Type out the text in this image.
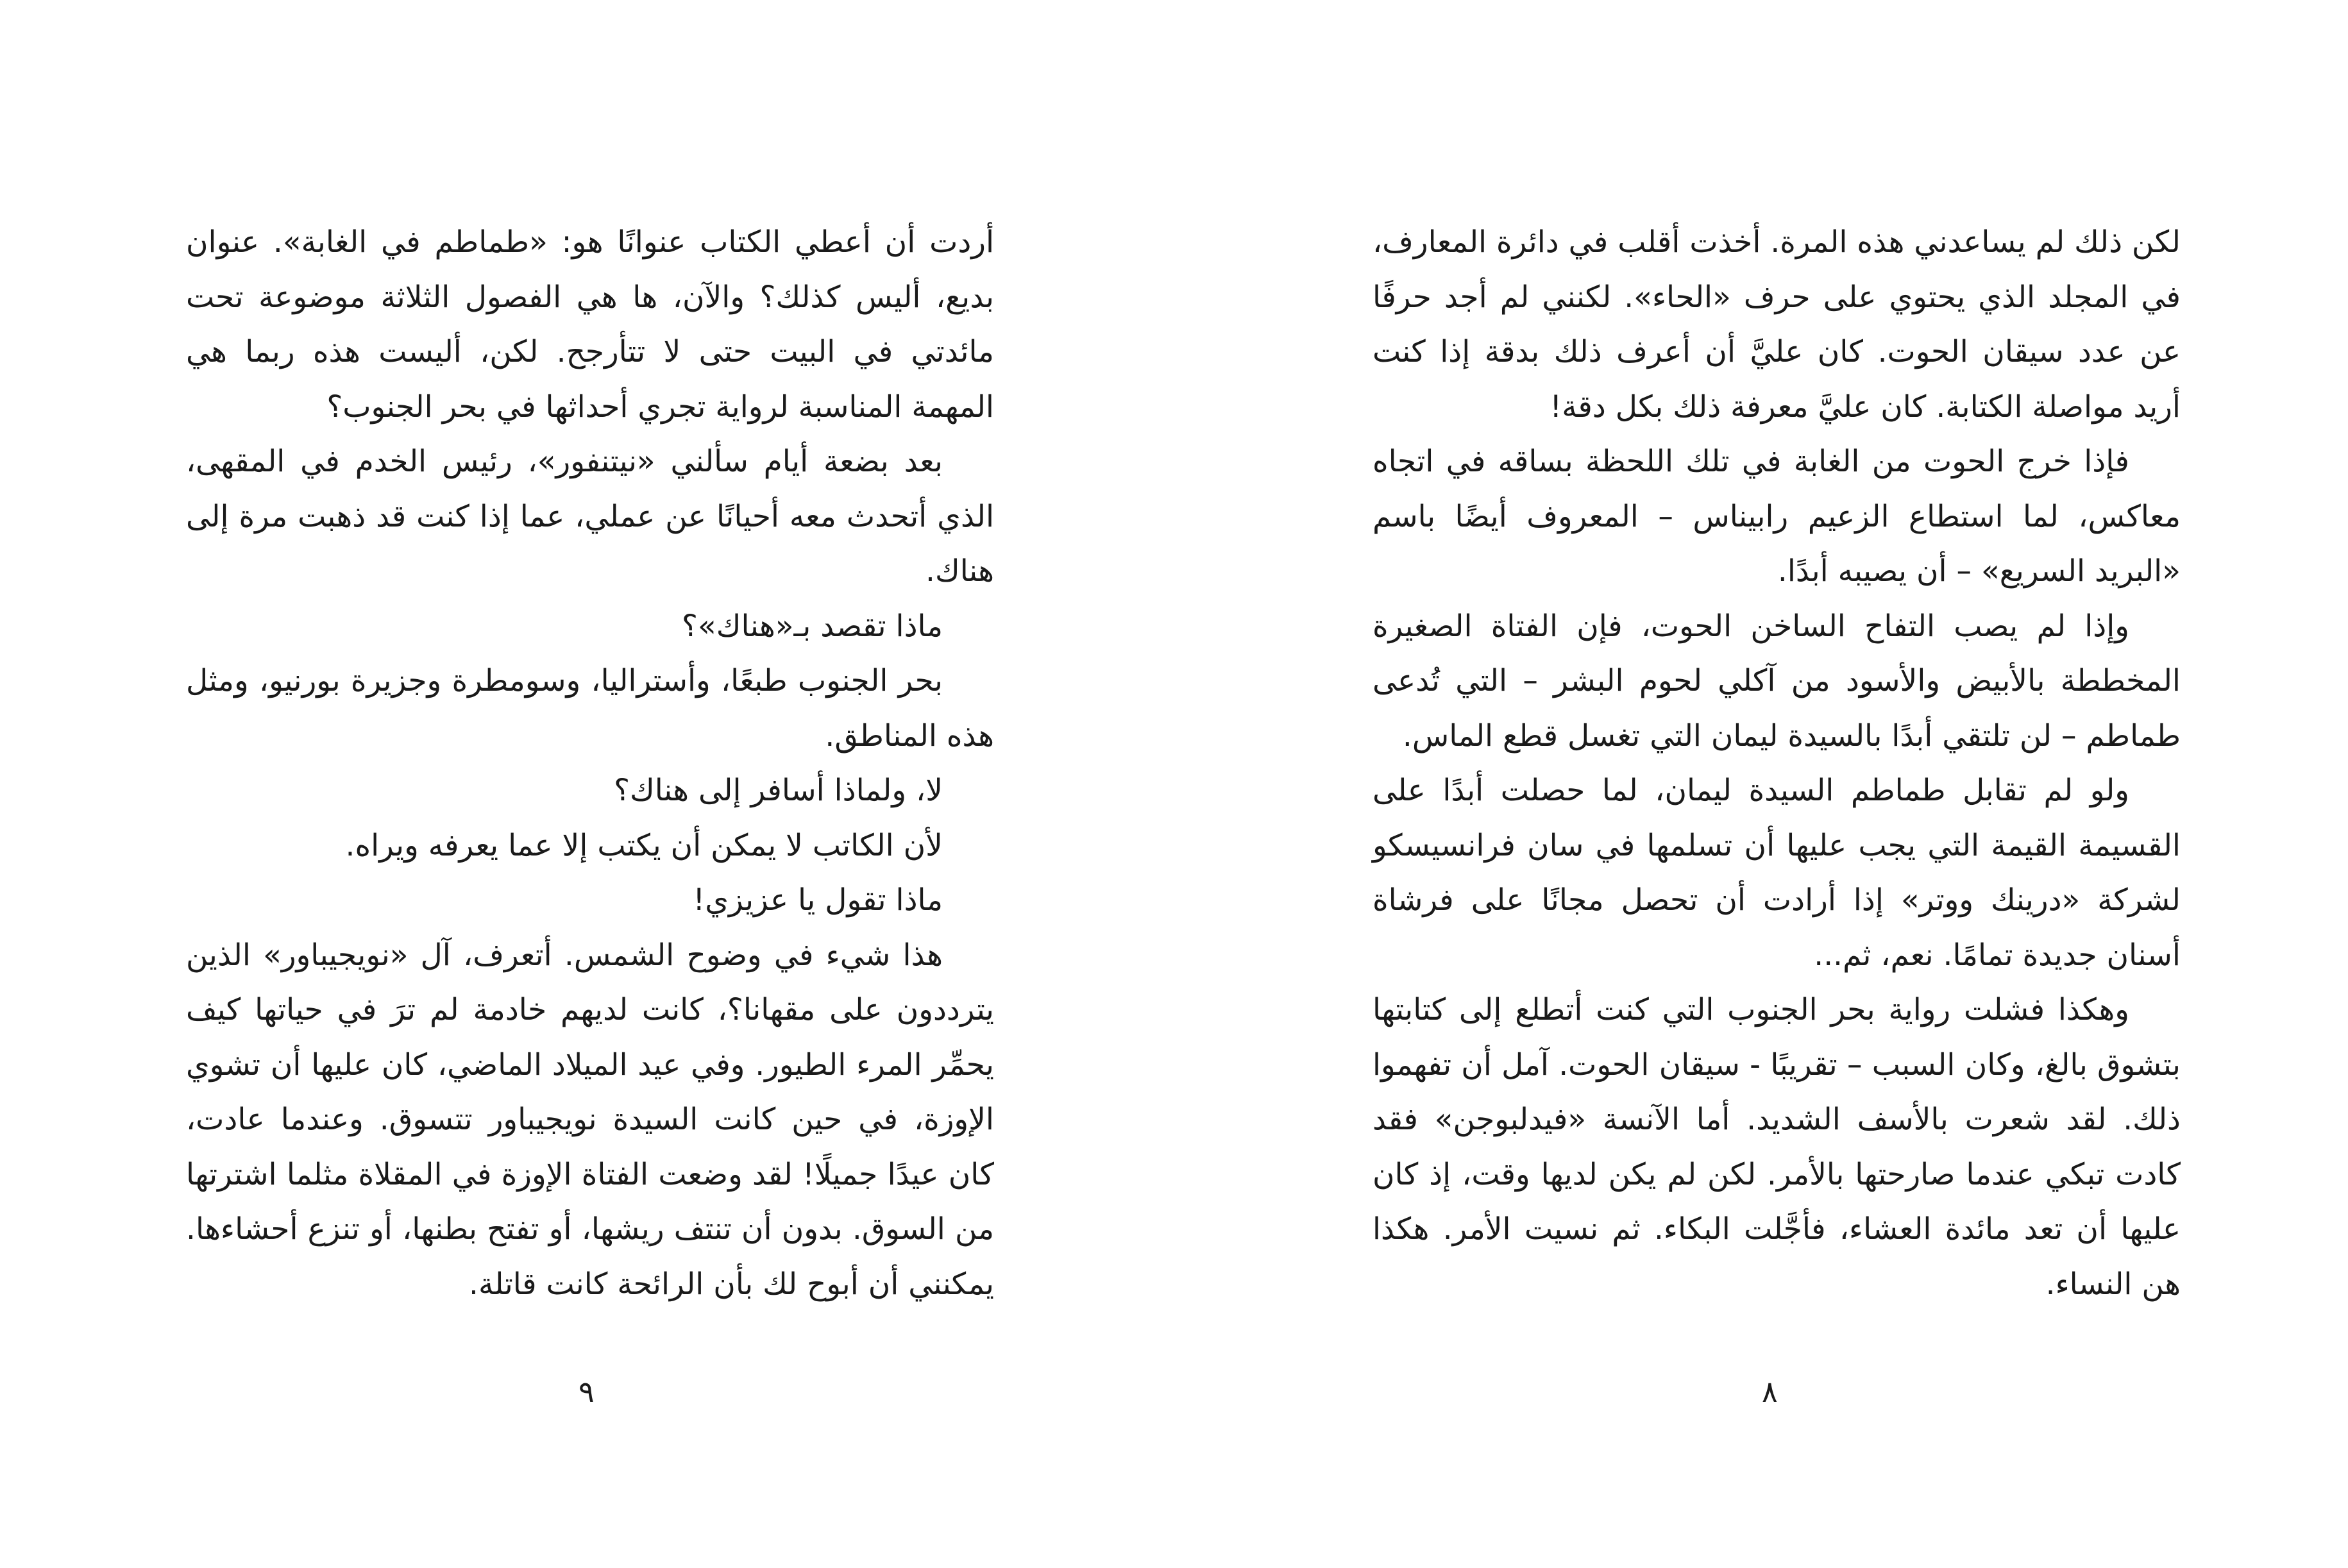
أردت أن أعطي الكتاب عنوانًا هو: «طماطم في الغابة». عنوان بديع، أليس كذلك؟ والآن، ها هي الفصول الثلاثة موضوعة تحت مائدتي في البيت حتى لا تتأرجح. لكن، أليست هذه ربما هي المهمة المناسبة لرواية تجري أحداثها في بحر الجنوب؟

بعد بضعة أيام سألني «نيتنفور»، رئيس الخدم في المقهى، الذي أتحدث معه أحيانًا عن عملي، عما إذا كنت قد ذهبت مرة إلى هناك.

ماذا تقصد بـ«هناك»؟

بحر الجنوب طبعًا، وأستراليا، وسومطرة وجزيرة بورنيو، ومثل هذه المناطق.

لا، ولماذا أسافر إلى هناك؟

لأن الكاتب لا يمكن أن يكتب إلا عما يعرفه ويراه.

ماذا تقول يا عزيزي!

هذا شيء في وضوح الشمس. أتعرف، آل «نويجيباور» الذين يترددون على مقهانا؟، كانت لديهم خادمة لم ترَ في حياتها كيف يحمِّر المرء الطيور. وفي عيد الميلاد الماضي، كان عليها أن تشوي الإوزة، في حين كانت السيدة نويجيباور تتسوق. وعندما عادت، كان عيدًا جميلًا! لقد وضعت الفتاة الإوزة في المقلاة مثلما اشترتها من السوق. بدون أن تنتف ريشها، أو تفتح بطنها، أو تنزع أحشاءها. يمكنني أن أبوح لك بأن الرائحة كانت قاتلة.

لكن ذلك لم يساعدني هذه المرة. أخذت أقلب في دائرة المعارف، في المجلد الذي يحتوي على حرف «الحاء». لكنني لم أجد حرفًا عن عدد سيقان الحوت. كان عليَّ أن أعرف ذلك بدقة إذا كنت أريد مواصلة الكتابة. كان عليَّ معرفة ذلك بكل دقة!

فإذا خرج الحوت من الغابة في تلك اللحظة بساقه في اتجاه معاكس، لما استطاع الزعيم رابيناس – المعروف أيضًا باسم «البريد السريع» – أن يصيبه أبدًا.

وإذا لم يصب التفاح الساخن الحوت، فإن الفتاة الصغيرة المخططة بالأبيض والأسود من آكلي لحوم البشر – التي تُدعى طماطم – لن تلتقي أبدًا بالسيدة ليمان التي تغسل قطع الماس.

ولو لم تقابل طماطم السيدة ليمان، لما حصلت أبدًا على القسيمة القيمة التي يجب عليها أن تسلمها في سان فرانسيسكو لشركة «درينك ووتر» إذا أرادت أن تحصل مجانًا على فرشاة أسنان جديدة تمامًا. نعم، ثم...

وهكذا فشلت رواية بحر الجنوب التي كنت أتطلع إلى كتابتها بتشوق بالغ، وكان السبب – تقريبًا - سيقان الحوت. آمل أن تفهموا ذلك. لقد شعرت بالأسف الشديد. أما الآنسة «فيدلبوجن» فقد كادت تبكي عندما صارحتها بالأمر. لكن لم يكن لديها وقت، إذ كان عليها أن تعد مائدة العشاء، فأجَّلت البكاء. ثم نسيت الأمر. هكذا هن النساء.

٩	٨
